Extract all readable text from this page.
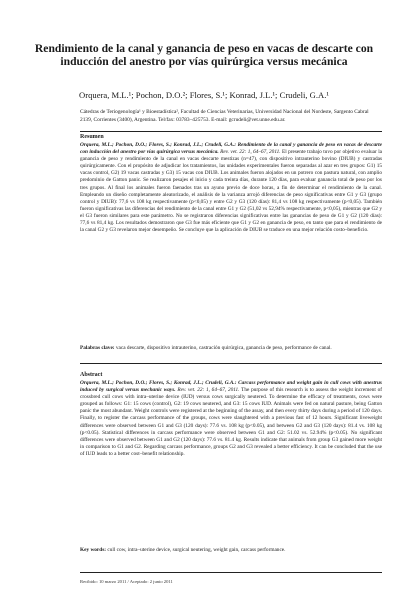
Rendimiento de la canal y ganancia de peso en vacas de descarte con inducción del anestro por vías quirúrgica versus mecánica
Orquera, M.L.¹; Pochon, D.O.²; Flores, S.¹; Konrad, J.L.¹; Crudeli, G.A.¹
Cátedras de Teriogenología¹ y Bioestadística², Facultad de Ciencias Veterinarias, Universidad Nacional del Nordeste, Sargento Cabral 2139, Corrientes (3400), Argentina. Tel/fax: 03783–425753. E-mail: gcrudeli@vet.unne.edu.ar.
Resumen
Orquera, M.L.; Pochon, D.O.; Flores, S.; Konrad, J.L.; Crudeli, G.A.: Rendimiento de la canal y ganancia de peso en vacas de descarte con inducción del anestro por vías quirúrgica versus mecánica. Rev. vet. 22: 1, 64–67, 2011. El presente trabajo tuvo por objetivo evaluar la ganancia de peso y rendimiento de la canal en vacas descarte mestizas (n=47), con dispositivo intrauterino bovino (DIUB) y castradas quirúrgicamente. Con el propósito de adjudicar los tratamientos, las unidades experimentales fueron separadas al azar en tres grupos: G1) 15 vacas control, G2) 19 vacas castradas y G3) 15 vacas con DIUB. Los animales fueron alojados en un potrero con pastura natural, con amplio predominio de Gatton panic. Se realizaron pesajes el inicio y cada treinta días, durante 120 días, para evaluar ganancia total de peso por los tres grupos. Al final los animales fueron faenados tras un ayuno previo de doce horas, a fin de determinar el rendimiento de la canal. Empleando un diseño completamente aleatorizado, el análisis de la varianza arrojó diferencias de peso significativas entre G1 y G3 (grupo control y DIUB): 77,6 vs 108 kg respectivamente (p<0,05) y entre G2 y G3 (120 días): 81,4 vs 108 kg respectivamente (p<0,05). También fueron significativas las diferencias del rendimiento de la canal entre G1 y G2 (51,02 vs 52,94% respectivamente, p<0,05), mientras que G2 y el G3 fueron similares para este parámetro. No se registraron diferencias significativas entre las ganancias de peso de G1 y G2 (120 días): 77,6 vs 81,4 kg. Los resultados demostraron que G3 fue más eficiente que G1 y G2 en ganancia de peso, en tanto que para el rendimiento de la canal G2 y G3 revelaron mejor desempeño. Se concluye que la aplicación de DIUB se traduce en una mejor relación costo–beneficio.
Palabras clave: vaca descarte, dispositivo intrauterino, castración quirúrgica, ganancia de peso, performance de canal.
Abstract
Orquera, M.L.; Pochon, D.O.; Flores, S.; Konrad, J.L.; Crudeli, G.A.: Carcass performance and weight gain in cull cows with anestrus induced by surgical versus mechanic ways. Rev. vet. 22: 1, 64–67, 2011. The purpose of this research is to assess the weight increment of crossbred cull cows with intra–uterine device (IUD) versus cows surgically neutered. To determine the efficacy of treatments, cows were grouped as follows: G1: 15 cows (control), G2: 19 cows neutered, and G3: 15 cows IUD. Animals were fed on natural pasture, being Gatton panic the most abundant. Weight controls were registered at the beginning of the assay, and then every thirty days during a period of 120 days. Finally, to register the carcass performance of the groups, cows were slaughtered with a previous fast of 12 hours. Significant liveweight differences were observed between G1 and G3 (120 days): 77.6 vs. 108 kg (p<0.05), and between G2 and G3 (120 days): 81.4 vs. 108 kg (p<0.05). Statistical differences in carcass performance were observed between G1 and G2: 51.02 vs. 52.94% (p<0.05). No significant differences were observed between G1 and G2 (120 days): 77.6 vs. 81.4 kg. Results indicate that animals from group G3 gained more weight in comparison to G1 and G2. Regarding carcass performance, groups G2 and G3 revealed a better efficiency. It can be concluded that the use of IUD leads to a better cost–benefit relationship.
Key words: cull cow, intra–uterine device, surgical neutering, weight gain, carcass performance.
Recibido: 10 marzo 2011 / Aceptado: 2 junio 2011
